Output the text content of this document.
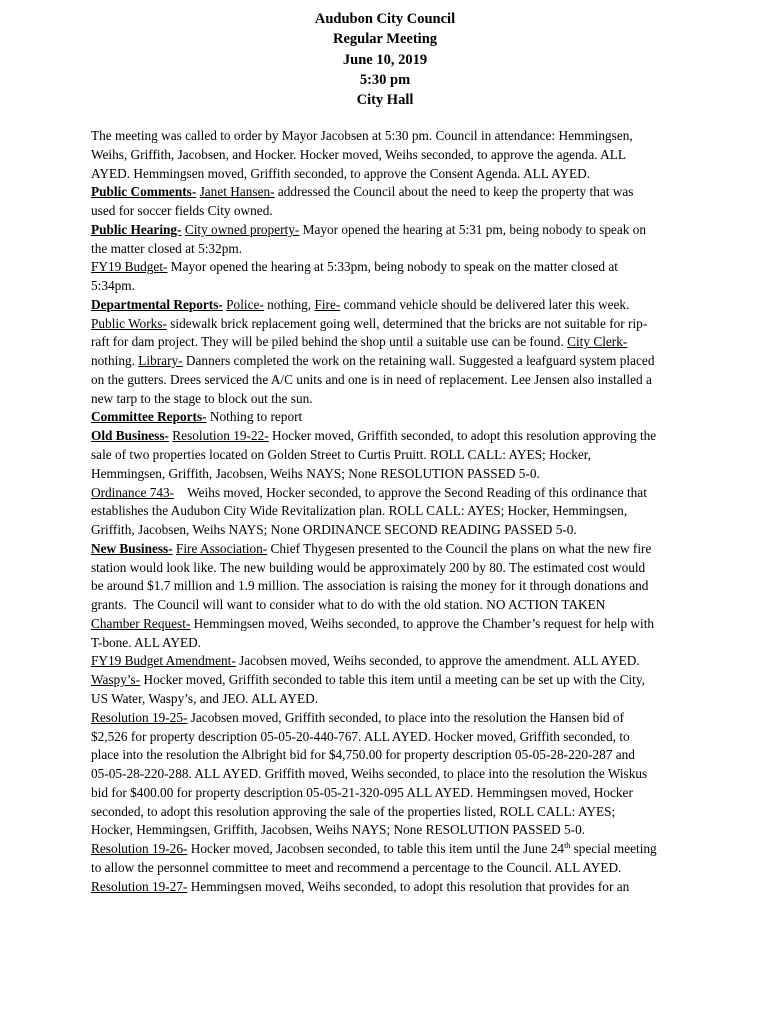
Audubon City Council
Regular Meeting
June 10, 2019
5:30 pm
City Hall
The meeting was called to order by Mayor Jacobsen at 5:30 pm. Council in attendance: Hemmingsen,
Weihs, Griffith, Jacobsen, and Hocker. Hocker moved, Weihs seconded, to approve the agenda. ALL
AYED. Hemmingsen moved, Griffith seconded, to approve the Consent Agenda. ALL AYED.
Public Comments- Janet Hansen- addressed the Council about the need to keep the property that was
used for soccer fields City owned.
Public Hearing- City owned property- Mayor opened the hearing at 5:31 pm, being nobody to speak on
the matter closed at 5:32pm.
FY19 Budget- Mayor opened the hearing at 5:33pm, being nobody to speak on the matter closed at
5:34pm.
Departmental Reports- Police- nothing, Fire- command vehicle should be delivered later this week.
Public Works- sidewalk brick replacement going well, determined that the bricks are not suitable for rip-
raft for dam project. They will be piled behind the shop until a suitable use can be found. City Clerk-
nothing. Library- Danners completed the work on the retaining wall. Suggested a leafguard system placed
on the gutters. Drees serviced the A/C units and one is in need of replacement. Lee Jensen also installed a
new tarp to the stage to block out the sun.
Committee Reports- Nothing to report
Old Business- Resolution 19-22- Hocker moved, Griffith seconded, to adopt this resolution approving the
sale of two properties located on Golden Street to Curtis Pruitt. ROLL CALL: AYES; Hocker,
Hemmingsen, Griffith, Jacobsen, Weihs NAYS; None RESOLUTION PASSED 5-0.
Ordinance 743-    Weihs moved, Hocker seconded, to approve the Second Reading of this ordinance that
establishes the Audubon City Wide Revitalization plan. ROLL CALL: AYES; Hocker, Hemmingsen,
Griffith, Jacobsen, Weihs NAYS; None ORDINANCE SECOND READING PASSED 5-0.
New Business- Fire Association- Chief Thygesen presented to the Council the plans on what the new fire
station would look like. The new building would be approximately 200 by 80. The estimated cost would
be around $1.7 million and 1.9 million. The association is raising the money for it through donations and
grants.  The Council will want to consider what to do with the old station. NO ACTION TAKEN
Chamber Request- Hemmingsen moved, Weihs seconded, to approve the Chamber’s request for help with
T-bone. ALL AYED.
FY19 Budget Amendment- Jacobsen moved, Weihs seconded, to approve the amendment. ALL AYED.
Waspy’s- Hocker moved, Griffith seconded to table this item until a meeting can be set up with the City,
US Water, Waspy’s, and JEO. ALL AYED.
Resolution 19-25- Jacobsen moved, Griffith seconded, to place into the resolution the Hansen bid of
$2,526 for property description 05-05-20-440-767. ALL AYED. Hocker moved, Griffith seconded, to
place into the resolution the Albright bid for $4,750.00 for property description 05-05-28-220-287 and
05-05-28-220-288. ALL AYED. Griffith moved, Weihs seconded, to place into the resolution the Wiskus
bid for $400.00 for property description 05-05-21-320-095 ALL AYED. Hemmingsen moved, Hocker
seconded, to adopt this resolution approving the sale of the properties listed, ROLL CALL: AYES;
Hocker, Hemmingsen, Griffith, Jacobsen, Weihs NAYS; None RESOLUTION PASSED 5-0.
Resolution 19-26- Hocker moved, Jacobsen seconded, to table this item until the June 24th special meeting
to allow the personnel committee to meet and recommend a percentage to the Council. ALL AYED.
Resolution 19-27- Hemmingsen moved, Weihs seconded, to adopt this resolution that provides for an
